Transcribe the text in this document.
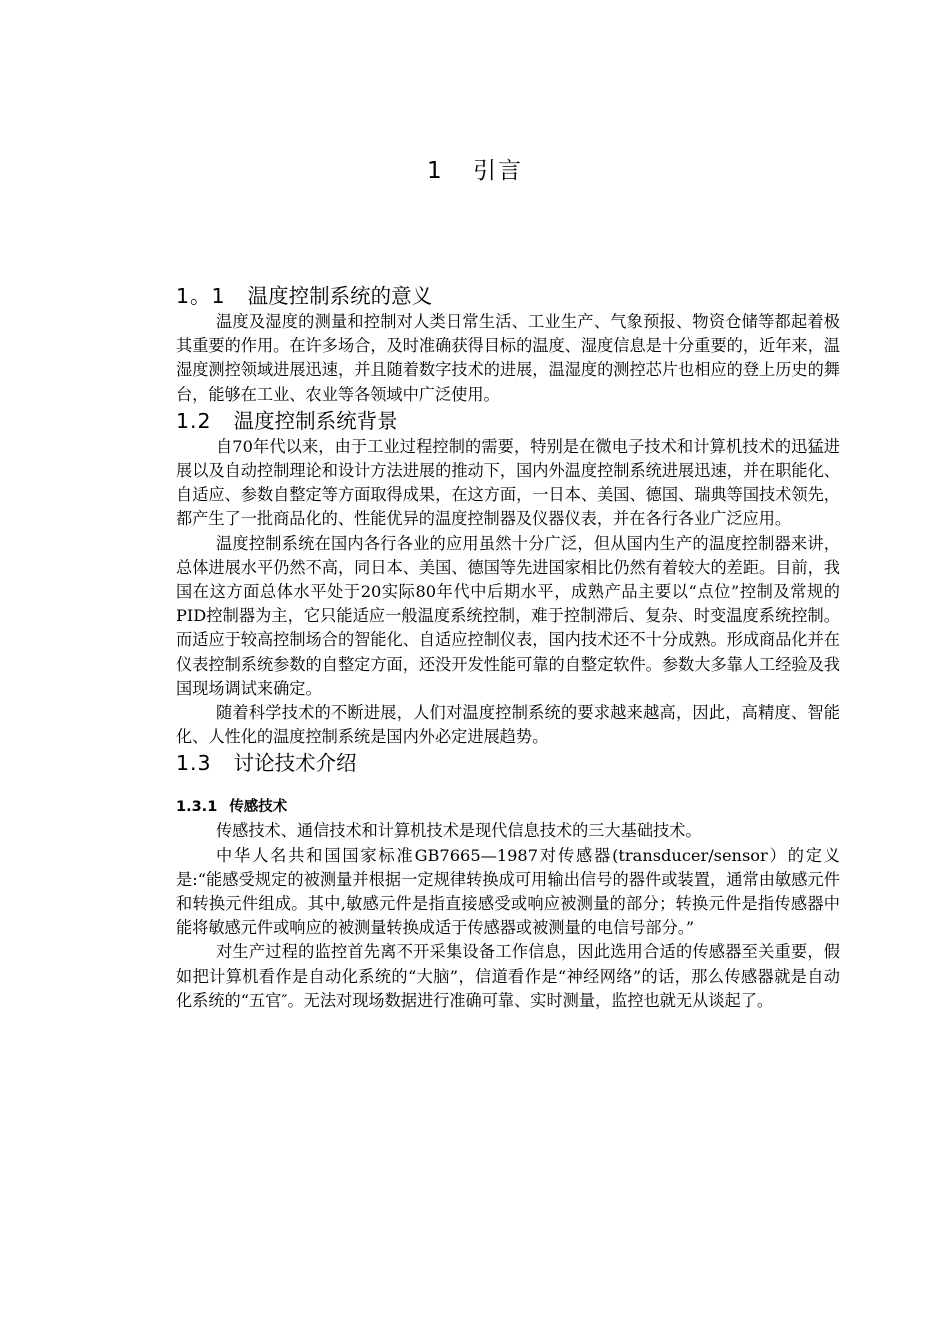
1 引言
1。1 温度控制系统的意义

温度及湿度的测量和控制对人类日常生活、工业生产、气象预报、物资仓储等都起着极其重要的作用。在许多场合，及时准确获得目标的温度、湿度信息是十分重要的，近年来，温湿度测控领域进展迅速，并且随着数字技术的进展，温湿度的测控芯片也相应的登上历史的舞台，能够在工业、农业等各领域中广泛使用。

1.2 温度控制系统背景

自70年代以来，由于工业过程控制的需要，特别是在微电子技术和计算机技术的迅猛进展以及自动控制理论和设计方法进展的推动下，国内外温度控制系统进展迅速，并在职能化、自适应、参数自整定等方面取得成果，在这方面，一日本、美国、德国、瑞典等国技术领先，都产生了一批商品化的、性能优异的温度控制器及仪器仪表，并在各行各业广泛应用。

温度控制系统在国内各行各业的应用虽然十分广泛，但从国内生产的温度控制器来讲，总体进展水平仍然不高，同日本、美国、德国等先进国家相比仍然有着较大的差距。目前，我国在这方面总体水平处于20实际80年代中后期水平，成熟产品主要以“点位”控制及常规的PID控制器为主，它只能适应一般温度系统控制，难于控制滞后、复杂、时变温度系统控制。而适应于较高控制场合的智能化、自适应控制仪表，国内技术还不十分成熟。形成商品化并在仪表控制系统参数的自整定方面，还没开发性能可靠的自整定软件。参数大多靠人工经验及我国现场调试来确定。

随着科学技术的不断进展，人们对温度控制系统的要求越来越高，因此，高精度、智能化、人性化的温度控制系统是国内外必定进展趋势。

1.3 讨论技术介绍
1.3.1 传感技术

传感技术、通信技术和计算机技术是现代信息技术的三大基础技术。

中华人名共和国国家标准GB7665—1987对传感器(transducer/sensor）的定义是:“能感受规定的被测量并根据一定规律转换成可用输出信号的器件或装置，通常由敏感元件和转换元件组成。其中,敏感元件是指直接感受或响应被测量的部分；转换元件是指传感器中能将敏感元件或响应的被测量转换成适于传感器或被测量的电信号部分。”

对生产过程的监控首先离不开采集设备工作信息，因此选用合适的传感器至关重要，假如把计算机看作是自动化系统的“大脑”，信道看作是“神经网络”的话，那么传感器就是自动化系统的“五官″。无法对现场数据进行准确可靠、实时测量，监控也就无从谈起了。
